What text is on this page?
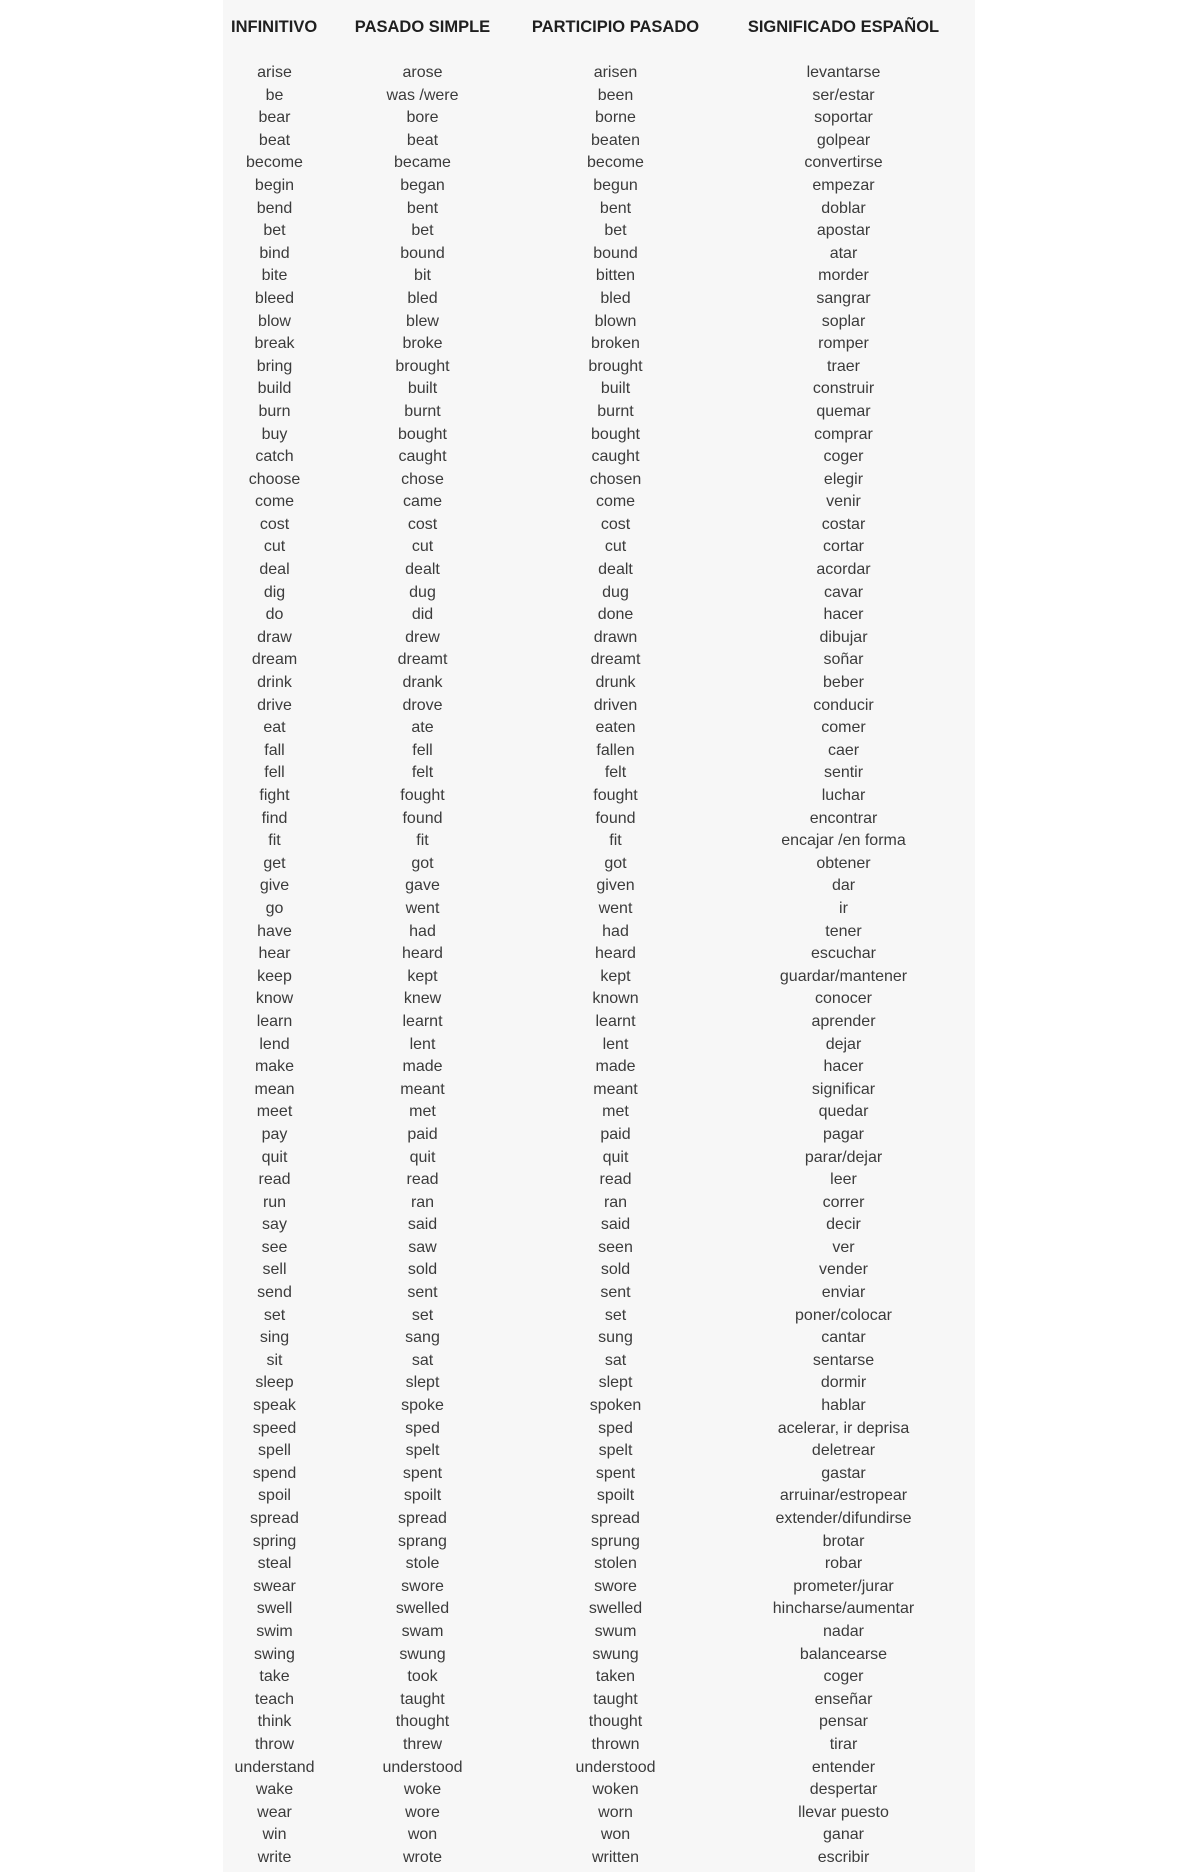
INFINITIVO	PASADO SIMPLE	PARTICIPIO PASADO	SIGNIFICADO ESPAÑOL

arise	arose	arisen	levantarse
be	was /were	been	ser/estar
bear	bore	borne	soportar
beat	beat	beaten	golpear
become	became	become	convertirse
begin	began	begun	empezar
bend	bent	bent	doblar
bet	bet	bet	apostar
bind	bound	bound	atar
bite	bit	bitten	morder
bleed	bled	bled	sangrar
blow	blew	blown	soplar
break	broke	broken	romper
bring	brought	brought	traer
build	built	built	construir
burn	burnt	burnt	quemar
buy	bought	bought	comprar
catch	caught	caught	coger
choose	chose	chosen	elegir
come	came	come	venir
cost	cost	cost	costar
cut	cut	cut	cortar
deal	dealt	dealt	acordar
dig	dug	dug	cavar
do	did	done	hacer
draw	drew	drawn	dibujar
dream	dreamt	dreamt	soñar
drink	drank	drunk	beber
drive	drove	driven	conducir
eat	ate	eaten	comer
fall	fell	fallen	caer
fell	felt	felt	sentir
fight	fought	fought	luchar
find	found	found	encontrar
fit	fit	fit	encajar /en forma
get	got	got	obtener
give	gave	given	dar
go	went	went	ir
have	had	had	tener
hear	heard	heard	escuchar
keep	kept	kept	guardar/mantener
know	knew	known	conocer
learn	learnt	learnt	aprender
lend	lent	lent	dejar
make	made	made	hacer
mean	meant	meant	significar
meet	met	met	quedar
pay	paid	paid	pagar
quit	quit	quit	parar/dejar
read	read	read	leer
run	ran	ran	correr
say	said	said	decir
see	saw	seen	ver
sell	sold	sold	vender
send	sent	sent	enviar
set	set	set	poner/colocar
sing	sang	sung	cantar
sit	sat	sat	sentarse
sleep	slept	slept	dormir
speak	spoke	spoken	hablar
speed	sped	sped	acelerar, ir deprisa
spell	spelt	spelt	deletrear
spend	spent	spent	gastar
spoil	spoilt	spoilt	arruinar/estropear
spread	spread	spread	extender/difundirse
spring	sprang	sprung	brotar
steal	stole	stolen	robar
swear	swore	swore	prometer/jurar
swell	swelled	swelled	hincharse/aumentar
swim	swam	swum	nadar
swing	swung	swung	balancearse
take	took	taken	coger
teach	taught	taught	enseñar
think	thought	thought	pensar
throw	threw	thrown	tirar
understand	understood	understood	entender
wake	woke	woken	despertar
wear	wore	worn	llevar puesto
win	won	won	ganar
write	wrote	written	escribir
